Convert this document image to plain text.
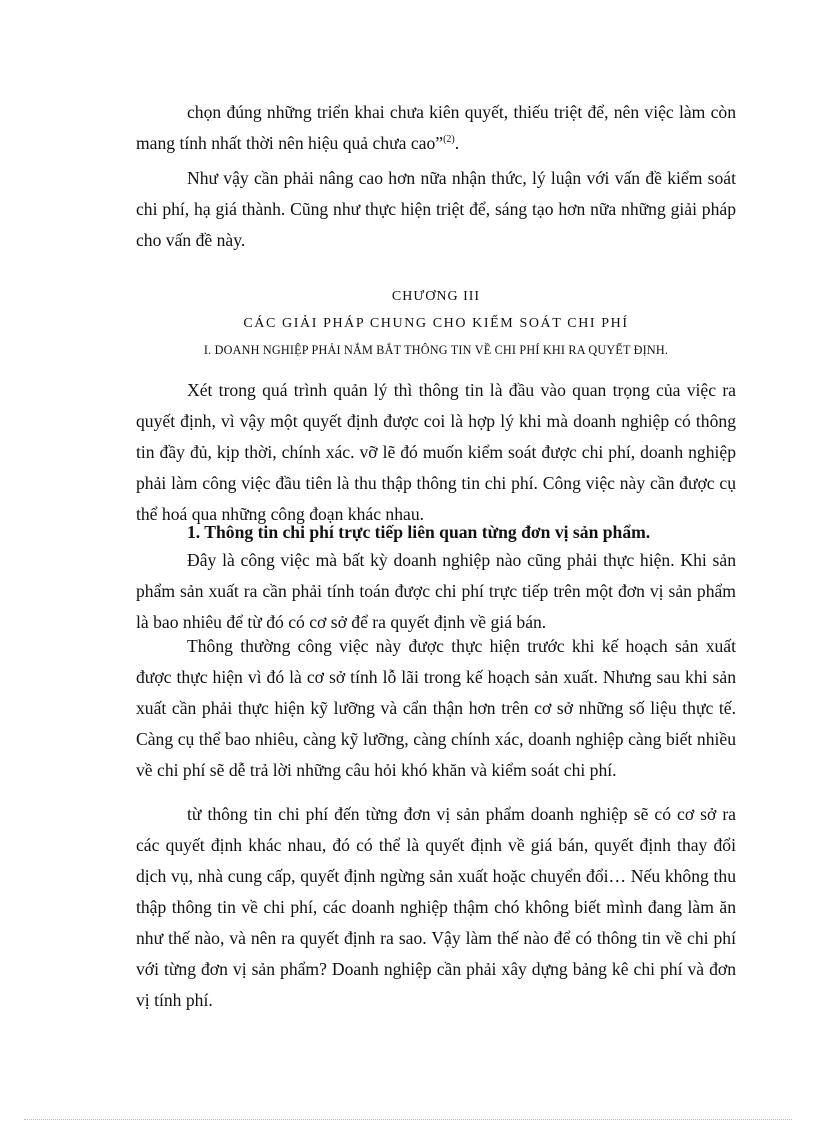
chọn đúng những triển khai chưa kiên quyết, thiếu triệt để, nên việc làm còn mang tính nhất thời nên hiệu quả chưa cao”$^{(2)}$.

Như vậy cần phải nâng cao hơn nữa nhận thức, lý luận với vấn đề kiểm soát chi phí, hạ giá thành. Cũng như thực hiện triệt để, sáng tạo hơn nữa những giải pháp cho vấn đề này.

CHƯƠNG III

CÁC GIẢI PHÁP CHUNG CHO KIỂM SOÁT CHI PHÍ

I. DOANH NGHIỆP PHẢI NẮM BẮT THÔNG TIN VỀ CHI PHÍ KHI RA QUYẾT ĐỊNH.

Xét trong quá trình quản lý thì thông tin là đầu vào quan trọng của việc ra quyết định, vì vậy một quyết định được coi là hợp lý khi mà doanh nghiệp có thông tin đầy đủ, kịp thời, chính xác. vỡ lẽ đó muốn kiểm soát được chi phí, doanh nghiệp phải làm công việc đầu tiên là thu thập thông tin chi phí. Công việc này cần được cụ thể hoá qua những công đoạn khác nhau.

1. Thông tin chi phí trực tiếp liên quan từng đơn vị sản phẩm.

Đây là công việc mà bất kỳ doanh nghiệp nào cũng phải thực hiện. Khi sản phẩm sản xuất ra cần phải tính toán được chi phí trực tiếp trên một đơn vị sản phẩm là bao nhiêu để từ đó có cơ sở để ra quyết định về giá bán.

Thông thường công việc này được thực hiện trước khi kế hoạch sản xuất được thực hiện vì đó là cơ sở tính lỗ lãi trong kế hoạch sản xuất. Nhưng sau khi sản xuất cần phải thực hiện kỹ lưỡng và cẩn thận hơn trên cơ sở những số liệu thực tế. Càng cụ thể bao nhiêu, càng kỹ lưỡng, càng chính xác, doanh nghiệp càng biết nhiều về chi phí sẽ dễ trả lời những câu hỏi khó khăn và kiểm soát chi phí.

từ thông tin chi phí đến từng đơn vị sản phẩm doanh nghiệp sẽ có cơ sở ra các quyết định khác nhau, đó có thể là quyết định về giá bán, quyết định thay đổi dịch vụ, nhà cung cấp, quyết định ngừng sản xuất hoặc chuyển đổi… Nếu không thu thập thông tin về chi phí, các doanh nghiệp thậm chó không biết mình đang làm ăn như thế nào, và nên ra quyết định ra sao. Vậy làm thế nào để có thông tin về chi phí với từng đơn vị sản phẩm? Doanh nghiệp cần phải xây dựng bảng kê chi phí và đơn vị tính phí.
